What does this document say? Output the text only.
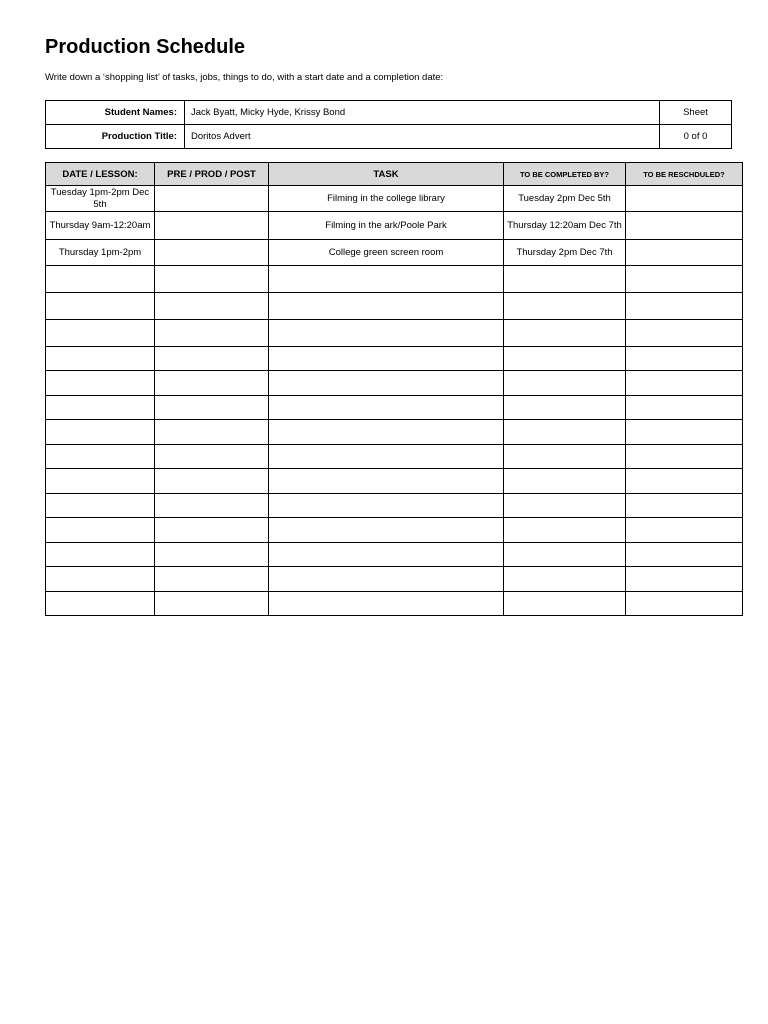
Production Schedule
Write down a ‘shopping list’ of tasks, jobs, things to do, with a start date and a completion date:
Student Names:	Jack Byatt, Micky Hyde, Krissy Bond	Sheet
Production Title:	Doritos Advert	0 of 0
DATE / LESSON:	PRE / PROD / POST	TASK	TO BE COMPLETED BY?	TO BE RESCHDULED?
Tuesday 1pm-2pm Dec 5th		Filming in the college library	Tuesday 2pm Dec 5th	
Thursday 9am-12:20am		Filming in the ark/Poole Park	Thursday 12:20am Dec 7th	
Thursday 1pm-2pm		College green screen room	Thursday 2pm Dec 7th	
